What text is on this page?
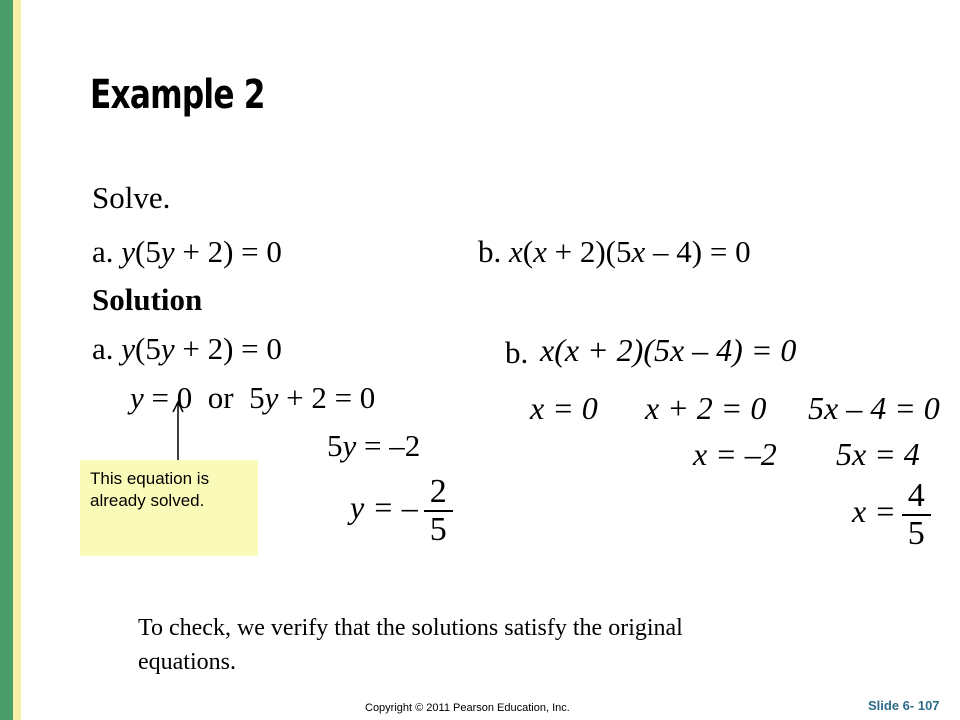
Example 2
Solve.
a. y(5y + 2) = 0	b. x(x + 2)(5x – 4) = 0
Solution
a. y(5y + 2) = 0
y = 0  or  5y + 2 = 0
5y = –2
y = – $\frac{2}{5}$
b. x(x + 2)(5x – 4) = 0
x = 0 x + 2 = 0
x = –2
5x – 4 = 0
5x = 4
$x = \frac{4}{5}$
This equation is already solved.
To check, we verify that the solutions satisfy the original equations.
Copyright © 2011 Pearson Education, Inc.	Slide 6- 107
